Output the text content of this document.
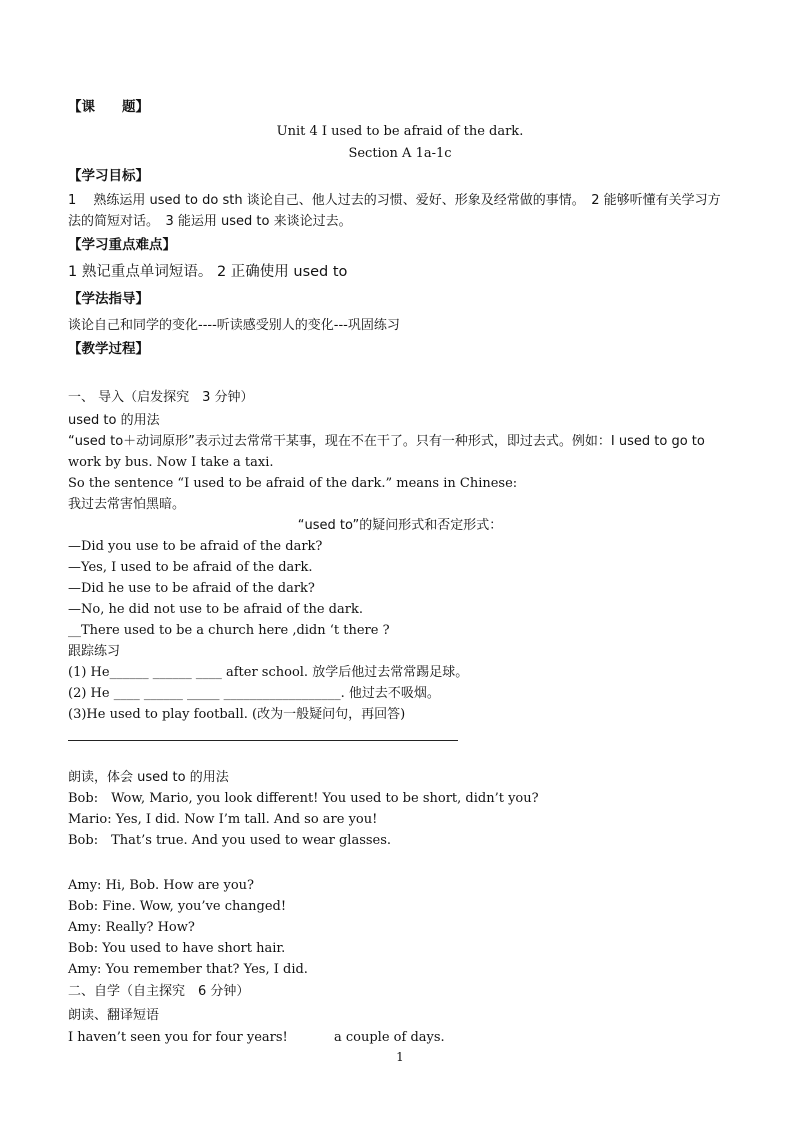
【课　　题】
Unit 4 I used to be afraid of the dark.
Section A 1a-1c
【学习目标】
1　 熟练运用 used to do sth 谈论自己、他人过去的习惯、爱好、形象及经常做的事情。　2 能够听懂有关学习方
法的简短对话。　3 能运用 used to 来谈论过去。
【学习重点难点】
1 熟记重点单词短语。 2 正确使用 used to
【学法指导】
谈论自己和同学的变化----听读感受别人的变化---巩固练习
【教学过程】
一、 导入（启发探究　3 分钟）
used to 的用法
“used to＋动词原形”表示过去常常干某事，现在不在干了。只有一种形式，即过去式。例如：I used to go to
work by bus. Now I take a taxi.
So the sentence “I used to be afraid of the dark.” means in Chinese:
我过去常害怕黑暗。
“used to”的疑问形式和否定形式：
—Did you use to be afraid of the dark?
—Yes, I used to be afraid of the dark.
—Did he use to be afraid of the dark?
—No, he did not use to be afraid of the dark.
__There used to be a church here ,didn ‘t there ?
跟踪练习
(1) He______ ______ ____ after school. 放学后他过去常常踢足球。
(2) He ____ ______ _____ __________________. 他过去不吸烟。
(3)He used to play football. (改为一般疑问句，再回答)
朗读，体会 used to 的用法
Bob:　Wow, Mario, you look different! You used to be short, didn’t you?
Mario: Yes, I did. Now I’m tall. And so are you!
Bob:　That’s true. And you used to wear glasses.
Amy: Hi, Bob. How are you?
Bob: Fine. Wow, you’ve changed!
Amy: Really? How?
Bob: You used to have short hair.
Amy: You remember that? Yes, I did.
二、自学（自主探究　6 分钟）
朗读、翻译短语
I haven’t seen you for four years!	a couple of days.
1
